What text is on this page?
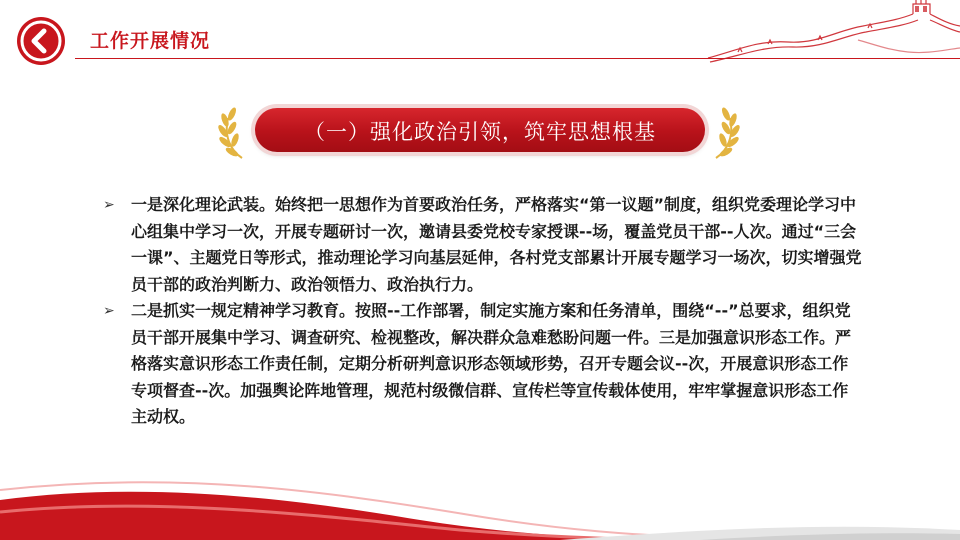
工作开展情况
（一）强化政治引领，筑牢思想根基
➢ 一是深化理论武装。始终把一思想作为首要政治任务，严格落实“第一议题”制度，组织党委理论学习中心组集中学习一次，开展专题研讨一次，邀请县委党校专家授课--场，覆盖党员干部--人次。通过“三会一课”、主题党日等形式，推动理论学习向基层延伸，各村党支部累计开展专题学习一场次，切实增强党员干部的政治判断力、政治领悟力、政治执行力。
➢ 二是抓实一规定精神学习教育。按照--工作部署，制定实施方案和任务清单，围绕“--”总要求，组织党员干部开展集中学习、调查研究、检视整改，解决群众急难愁盼问题一件。三是加强意识形态工作。严格落实意识形态工作责任制，定期分析研判意识形态领域形势，召开专题会议--次，开展意识形态工作专项督查--次。加强舆论阵地管理，规范村级微信群、宣传栏等宣传载体使用，牢牢掌握意识形态工作主动权。
